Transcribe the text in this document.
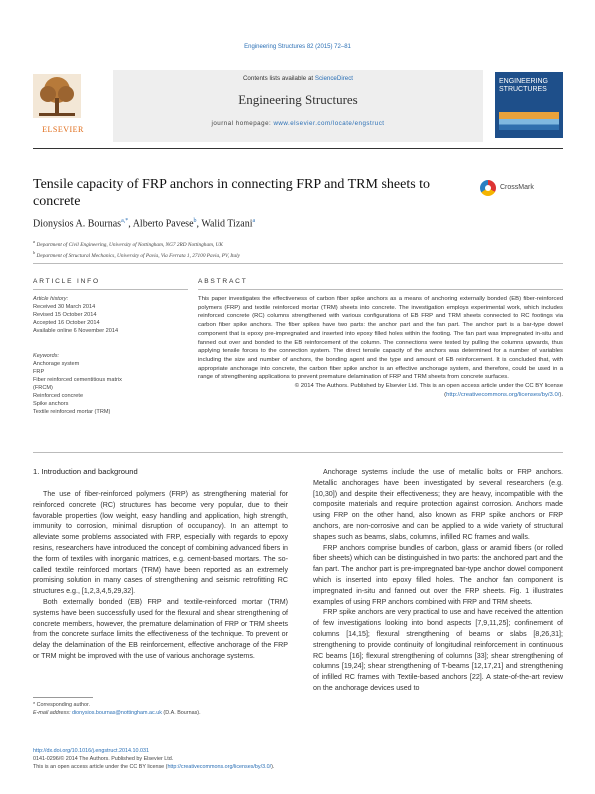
Engineering Structures 82 (2015) 72–81
ELSEVIER
Contents lists available at ScienceDirect
Engineering Structures
journal homepage: www.elsevier.com/locate/engstruct
ENGINEERING STRUCTURES
Tensile capacity of FRP anchors in connecting FRP and TRM sheets to concrete
CrossMark
Dionysios A. Bournas$^{a,*}$, Alberto Pavese$^b$, Walid Tizani$^a$
$^a$ Department of Civil Engineering, University of Nottingham, NG7 2RD Nottingham, UK
$^b$ Department of Structural Mechanics, University of Pavia, Via Ferrata 1, 27100 Pavia, PV, Italy
ARTICLE INFO	ABSTRACT
Article history:
Received 30 March 2014
Revised 15 October 2014
Accepted 16 October 2014
Available online 6 November 2014
Keywords:
Anchorage system
FRP
Fiber reinforced cementitious matrix
(FRCM)
Reinforced concrete
Spike anchors
Textile reinforced mortar (TRM)
This paper investigates the effectiveness of carbon fiber spike anchors as a means of anchoring externally bonded (EB) fiber-reinforced polymers (FRP) and textile reinforced mortar (TRM) sheets into concrete. The investigation employs experimental work, which includes reinforced concrete (RC) columns strengthened with various configurations of EB FRP and TRM sheets connected to RC footings via carbon fiber spike anchors. The fiber spikes have two parts: the anchor part and the fan part. The anchor part is a bar-type dowel component that is epoxy pre-impregnated and inserted into epoxy filled holes within the footing. The fan part was impregnated in-situ and fanned out over and bonded to the EB reinforcement of the column. The connections were tested by pulling the columns upwards, thus applying tensile forces to the connection system. The direct tensile capacity of the anchors was determined for a number of variables including the size and number of anchors, the bonding agent and the type and amount of EB reinforcement. It is concluded that, with appropriate anchorage into concrete, the carbon fiber spike anchor is an effective anchorage system, and therefore, could be used in a range of strengthening applications to prevent premature delamination of FRP and TRM sheets from concrete surfaces.
© 2014 The Authors. Published by Elsevier Ltd. This is an open access article under the CC BY license (http://creativecommons.org/licenses/by/3.0/).
1. Introduction and background

The use of fiber-reinforced polymers (FRP) as strengthening material for reinforced concrete (RC) structures has become very popular, due to their favorable properties (low weight, easy handling and application, high strength, immunity to corrosion, minimal disruption of occupancy). In an attempt to alleviate some problems associated with FRP, especially with regards to epoxy resins, researchers have introduced the concept of combining advanced fibers in the form of textiles with inorganic matrices, e.g. cement-based mortars. The so-called textile reinforced mortars (TRM) have been reported as an extremely promising solution in many cases of strengthening and seismic retrofitting RC structures e.g., [1,2,3,4,5,29,32].

Both externally bonded (EB) FRP and textile-reinforced mortar (TRM) systems have been successfully used for the flexural and shear strengthening of concrete members, however, the premature delamination of FRP or TRM sheets from the concrete surface limits the effectiveness of the technique. To prevent or delay the delamination of the EB reinforcement, effective anchorage of the FRP or TRM might be improved with the use of various anchorage systems.

Anchorage systems include the use of metallic bolts or FRP anchors. Metallic anchorages have been investigated by several researchers (e.g. [10,30]) and despite their effectiveness; they are heavy, incompatible with the composite materials and require protection against corrosion. Anchors made using FRP on the other hand, also known as FRP spike anchors or FRP anchors, are non-corrosive and can be applied to a wide variety of structural shapes such as beams, slabs, columns, infilled RC frames and walls.

FRP anchors comprise bundles of carbon, glass or aramid fibers (or rolled fiber sheets) which can be distinguished in two parts: the anchored part and the fan part. The anchor part is pre-impregnated bar-type anchor dowel component which is inserted into epoxy filled holes. The anchor fan component is impregnated in-situ and fanned out over the FRP sheets. Fig. 1 illustrates examples of using FRP anchors combined with FRP and TRM sheets.

FRP spike anchors are very practical to use and have received the attention of few investigations looking into bond aspects [7,9,11,25]; confinement of columns [14,15]; flexural strengthening of beams or slabs [8,26,31]; strengthening to provide continuity of longitudinal reinforcement in continuous RC beams [16]; flexural strengthening of columns [33]; shear strengthening of columns [19,24]; shear strengthening of T-beams [12,17,21] and strengthening of infilled RC frames with Textile-based anchors [22]. A state-of-the-art review on the anchorage devices used to

* Corresponding author.
E-mail address: dionysios.bournas@nottingham.ac.uk (D.A. Bournas).
http://dx.doi.org/10.1016/j.engstruct.2014.10.031
0141-0296/© 2014 The Authors. Published by Elsevier Ltd.
This is an open access article under the CC BY license (http://creativecommons.org/licenses/by/3.0/).
